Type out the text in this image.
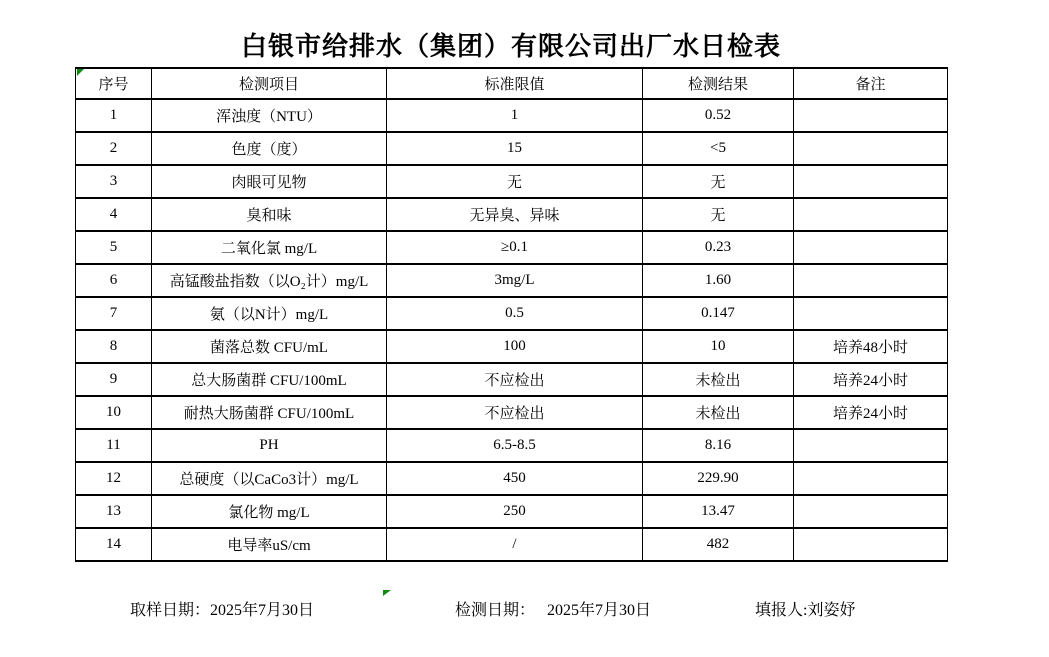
白银市给排水（集团）有限公司出厂水日检表
序号	检测项目	标准限值	检测结果	备注
1	浑浊度（NTU）	1	0.52	
2	色度（度）	15	<5	
3	肉眼可见物	无	无	
4	臭和味	无异臭、异味	无	
5	二氧化氯 mg/L	≥0.1	0.23	
6	高锰酸盐指数（以O₂计）mg/L	3mg/L	1.60	
7	氨（以N计）mg/L	0.5	0.147	
8	菌落总数 CFU/mL	100	10	培养48小时
9	总大肠菌群 CFU/100mL	不应检出	未检出	培养24小时
10	耐热大肠菌群 CFU/100mL	不应检出	未检出	培养24小时
11	PH	6.5-8.5	8.16	
12	总硬度（以CaCo3计）mg/L	450	229.90	
13	氯化物 mg/L	250	13.47	
14	电导率uS/cm	/	482	
取样日期：2025年7月30日	检测日期： 2025年7月30日	填报人:刘姿妤
